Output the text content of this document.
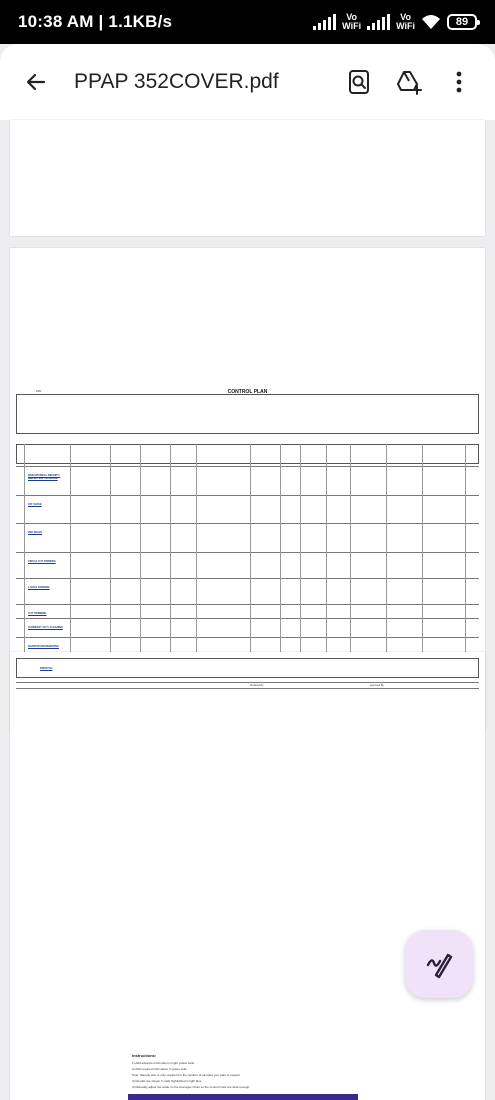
10:38 AM | 1.1KB/s	Vo
WiFi
Vo
WiFi	89
PPAP 352COVER.pdf
4661	CONTROL PLAN
RAW MATERIAL RECEIPT / INSPECTION / STORAGE
1ST SHAVE
2ND SHAVE
CIRCLE CUT FORMING
L HOLE FORMING
CUT TRIMMING
CHAMFER / CUT / CLEANING
SHARP BURR REMOVING
DISPATCH
Prepared By:	Approved By:
Instructions:
1) Add advance information in light yellow cells
2) Add required information in green cells
Note: Sample size is only required for the number of samples you want to inspect
3) Results are shown in cells highlighted in light blue
4) Manually adjust the scale on the Averages Chart so the control limits are wide enough
